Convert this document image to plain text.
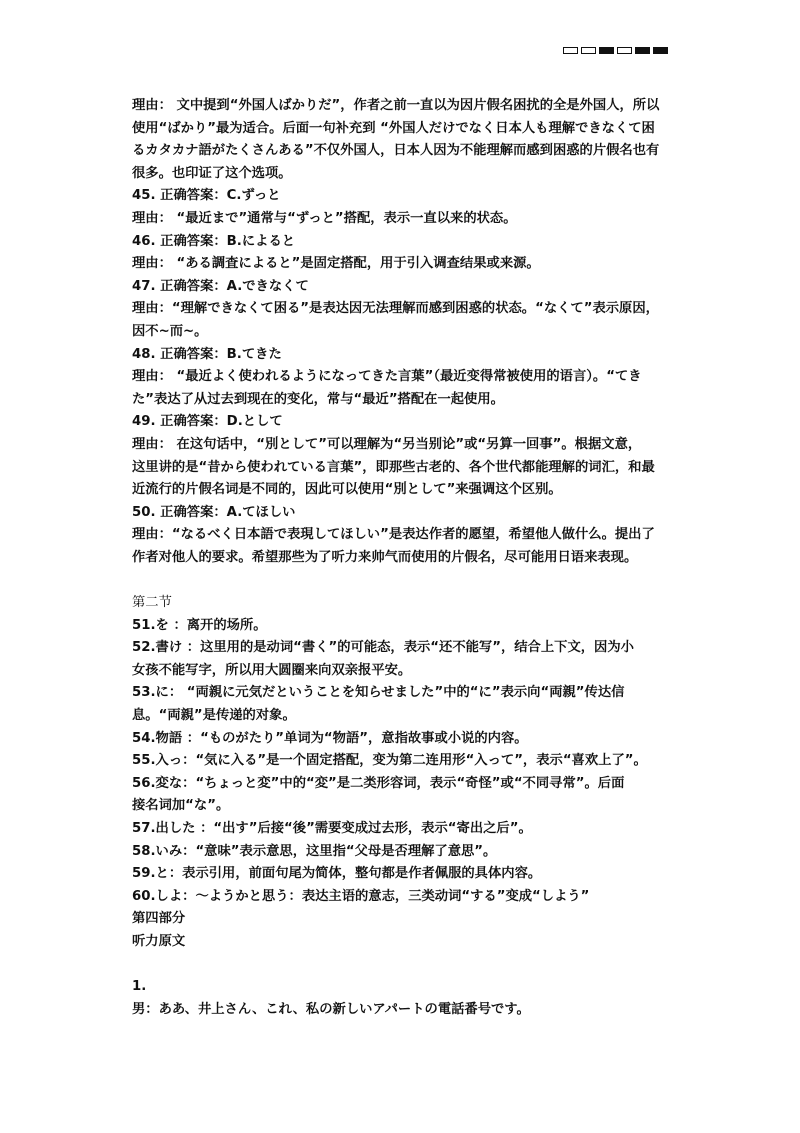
理由： 文中提到“外国人ばかりだ”，作者之前一直以为因片假名困扰的全是外国人，所以

使用“ばかり”最为适合。后面一句补充到 “外国人だけでなく日本人も理解できなくて困

るカタカナ語がたくさんある”不仅外国人，日本人因为不能理解而感到困惑的片假名也有

很多。也印证了这个选项。

45. 正确答案：C.ずっと

理由： “最近まで”通常与“ずっと”搭配，表示一直以来的状态。

46. 正确答案：B.によると

理由： “ある調査によると”是固定搭配，用于引入调查结果或来源。

47. 正确答案：A.できなくて

理由：“理解できなくて困る”是表达因无法理解而感到困惑的状态。“なくて”表示原因，

因不~而~。

48. 正确答案：B.てきた

理由： “最近よく使われるようになってきた言葉”（最近变得常被使用的语言）。“てき

た”表达了从过去到现在的变化，常与“最近”搭配在一起使用。

49. 正确答案：D.として

理由： 在这句话中，“別として”可以理解为“另当别论”或“另算一回事”。根据文意，

这里讲的是“昔から使われている言葉”，即那些古老的、各个世代都能理解的词汇，和最

近流行的片假名词是不同的，因此可以使用“別として”来强调这个区别。

50. 正确答案：A.てほしい

理由：“なるべく日本語で表現してほしい”是表达作者的愿望，希望他人做什么。提出了

作者对他人的要求。希望那些为了听力来帅气而使用的片假名，尽可能用日语来表现。

第二节

51.を ：离开的场所。

52.書け ：这里用的是动词“書く”的可能态，表示“还不能写”，结合上下文，因为小

女孩不能写字，所以用大圆圈来向双亲报平安。

53.に： “両親に元気だということを知らせました”中的“に”表示向“両親”传达信

息。“両親”是传递的对象。

54.物語 ：“ものがたり”单词为“物語”，意指故事或小说的内容。

55.入っ：“気に入る”是一个固定搭配，变为第二连用形“入って”，表示“喜欢上了”。

56.変な：“ちょっと変”中的“変”是二类形容词，表示“奇怪”或“不同寻常”。后面

接名词加“な”。

57.出した ：“出す”后接“後”需要变成过去形，表示“寄出之后”。

58.いみ：“意味”表示意思，这里指“父母是否理解了意思”。

59.と：表示引用，前面句尾为简体，整句都是作者佩服的具体内容。

60.しよ：～ようかと思う：表达主语的意志，三类动词“する”变成“しよう”

第四部分

听力原文

1.

男：ああ、井上さん、これ、私の新しいアパートの電話番号です。
